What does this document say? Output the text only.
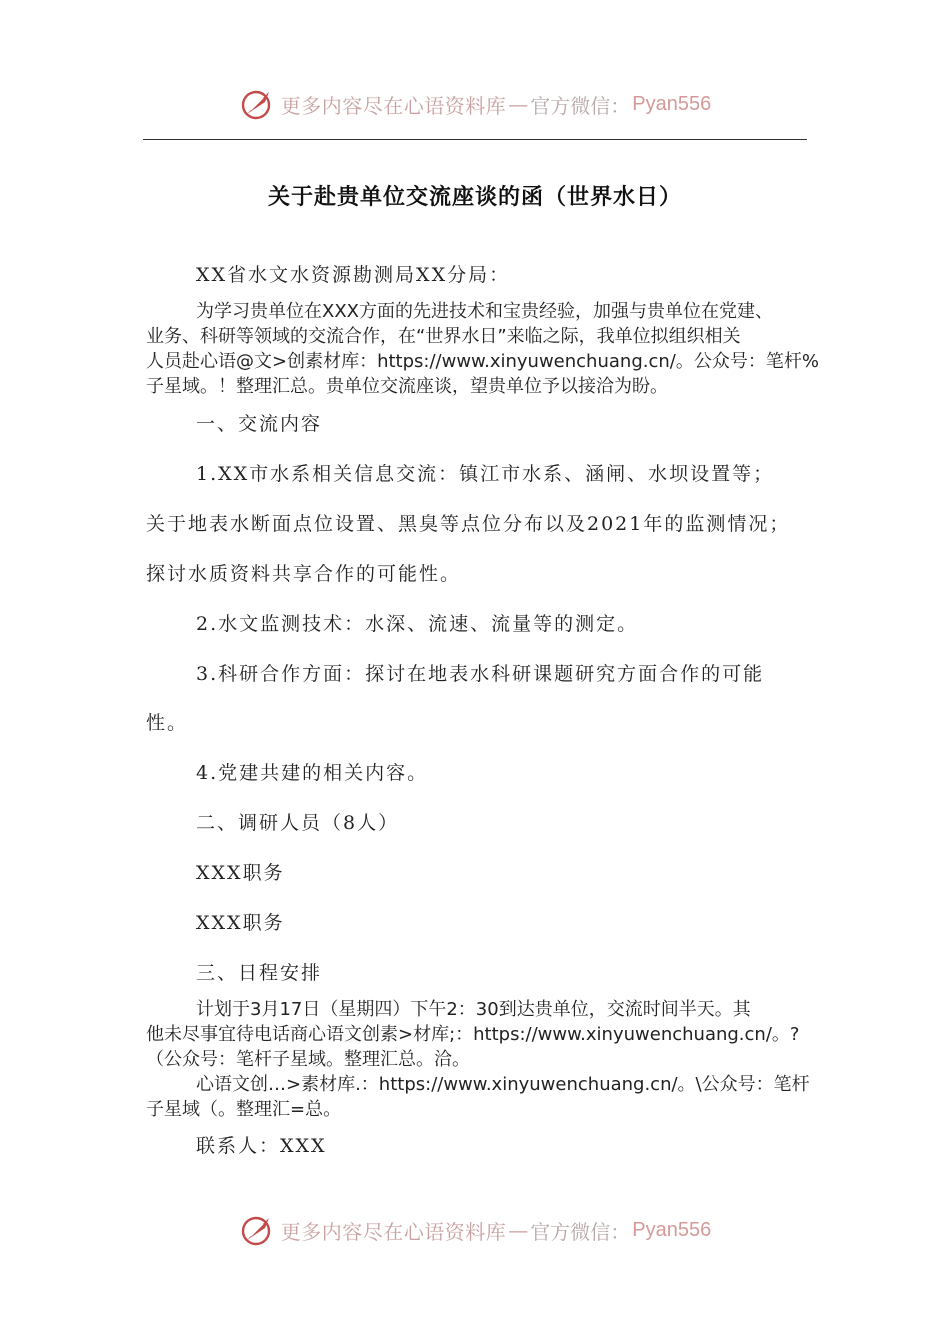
更多内容尽在心语资料库 — 官方微信： Pyan556
关于赴贵单位交流座谈的函（世界水日）
XX省水文水资源勘测局XX分局：
为学习贵单位在XXX方面的先进技术和宝贵经验，加强与贵单位在党建、
业务、科研等领域的交流合作，在“世界水日”来临之际，我单位拟组织相关
人员赴心语@文>创素材库：https://www.xinyuwenchuang.cn/。公众号：笔杆%
子星域。！整理汇总。贵单位交流座谈，望贵单位予以接洽为盼。
一、交流内容
1.XX市水系相关信息交流：镇江市水系、涵闸、水坝设置等；
关于地表水断面点位设置、黑臭等点位分布以及2021年的监测情况；
探讨水质资料共享合作的可能性。
2.水文监测技术：水深、流速、流量等的测定。
3.科研合作方面：探讨在地表水科研课题研究方面合作的可能
性。
4.党建共建的相关内容。
二、调研人员（8人）
XXX职务
XXX职务
三、日程安排
计划于3月17日（星期四）下午2：30到达贵单位，交流时间半天。其
他未尽事宜待电话商心语文创素>材库;：https://www.xinyuwenchuang.cn/。?
（公众号：笔杆子星域。整理汇总。洽。
心语文创…>素材库.：https://www.xinyuwenchuang.cn/。\公众号：笔杆
子星域（。整理汇=总。
联系人：XXX
更多内容尽在心语资料库 — 官方微信： Pyan556
